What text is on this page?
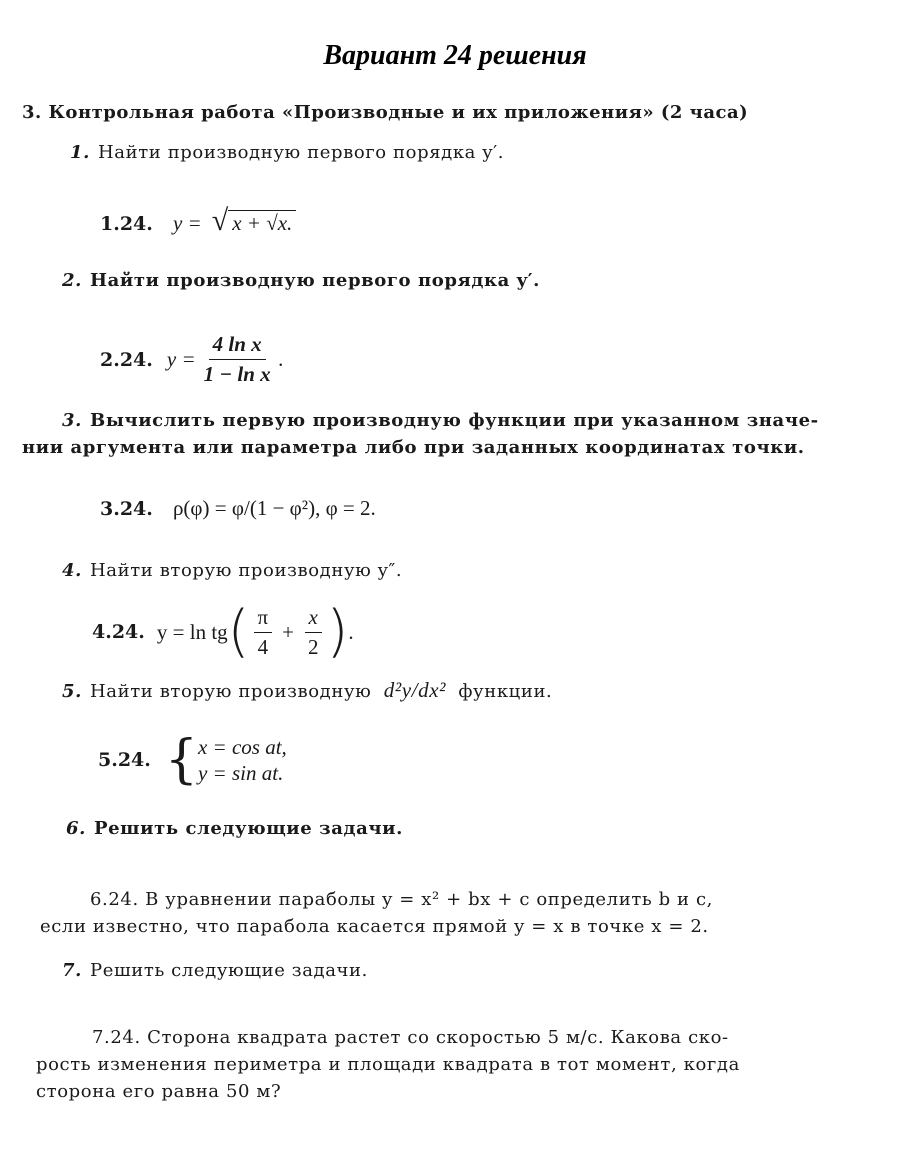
Вариант 24 решения
3. Контрольная работа «Производные и их приложения» (2 часа)
1. Найти производную первого порядка y′.
1.24. y = √ x + √x.
2. Найти производную первого порядка y′.
2.24. $y = \frac{\text{4 ln x}}{\text{1 − ln x}}$ .
3. Вычислить первую производную функции при указанном значе-
нии аргумента или параметра либо при заданных координатах точки.
3.24. ρ(φ) = φ/(1 − φ²), φ = 2.
4. Найти вторую производную y″.
4.24. y = ln tg ( $\frac{\pi}{4} + \frac{x}{2}$ ) .
5. Найти вторую производную d²y/dx² функции.
5.24. { x = cos at,
y = sin at.
6. Решить следующие задачи.
6.24. В уравнении параболы y = x² + bx + c определить b и c,
если известно, что парабола касается прямой y = x в точке x = 2.
7. Решить следующие задачи.
7.24. Сторона квадрата растет со скоростью 5 м/с. Какова ско-
рость изменения периметра и площади квадрата в тот момент, когда
сторона его равна 50 м?
